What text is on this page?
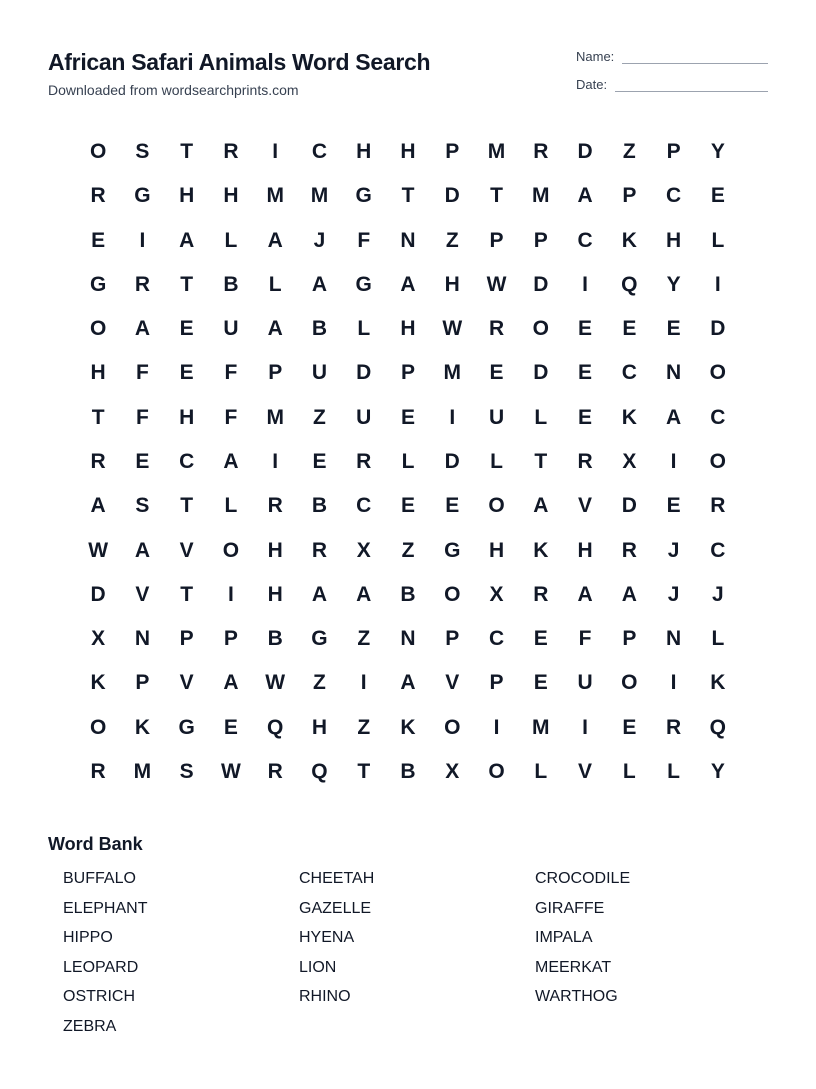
African Safari Animals Word Search
Downloaded from wordsearchprints.com
Name:
Date:
O	S	T	R	I	C	H	H	P	M	R	D	Z	P	Y
R	G	H	H	M	M	G	T	D	T	M	A	P	C	E
E	I	A	L	A	J	F	N	Z	P	P	C	K	H	L
G	R	T	B	L	A	G	A	H	W	D	I	Q	Y	I
O	A	E	U	A	B	L	H	W	R	O	E	E	E	D
H	F	E	F	P	U	D	P	M	E	D	E	C	N	O
T	F	H	F	M	Z	U	E	I	U	L	E	K	A	C
R	E	C	A	I	E	R	L	D	L	T	R	X	I	O
A	S	T	L	R	B	C	E	E	O	A	V	D	E	R
W	A	V	O	H	R	X	Z	G	H	K	H	R	J	C
D	V	T	I	H	A	A	B	O	X	R	A	A	J	J
X	N	P	P	B	G	Z	N	P	C	E	F	P	N	L
K	P	V	A	W	Z	I	A	V	P	E	U	O	I	K
O	K	G	E	Q	H	Z	K	O	I	M	I	E	R	Q
R	M	S	W	R	Q	T	B	X	O	L	V	L	L	Y
Word Bank
BUFFALO	CHEETAH	CROCODILE
ELEPHANT	GAZELLE	GIRAFFE
HIPPO	HYENA	IMPALA
LEOPARD	LION	MEERKAT
OSTRICH	RHINO	WARTHOG
ZEBRA
